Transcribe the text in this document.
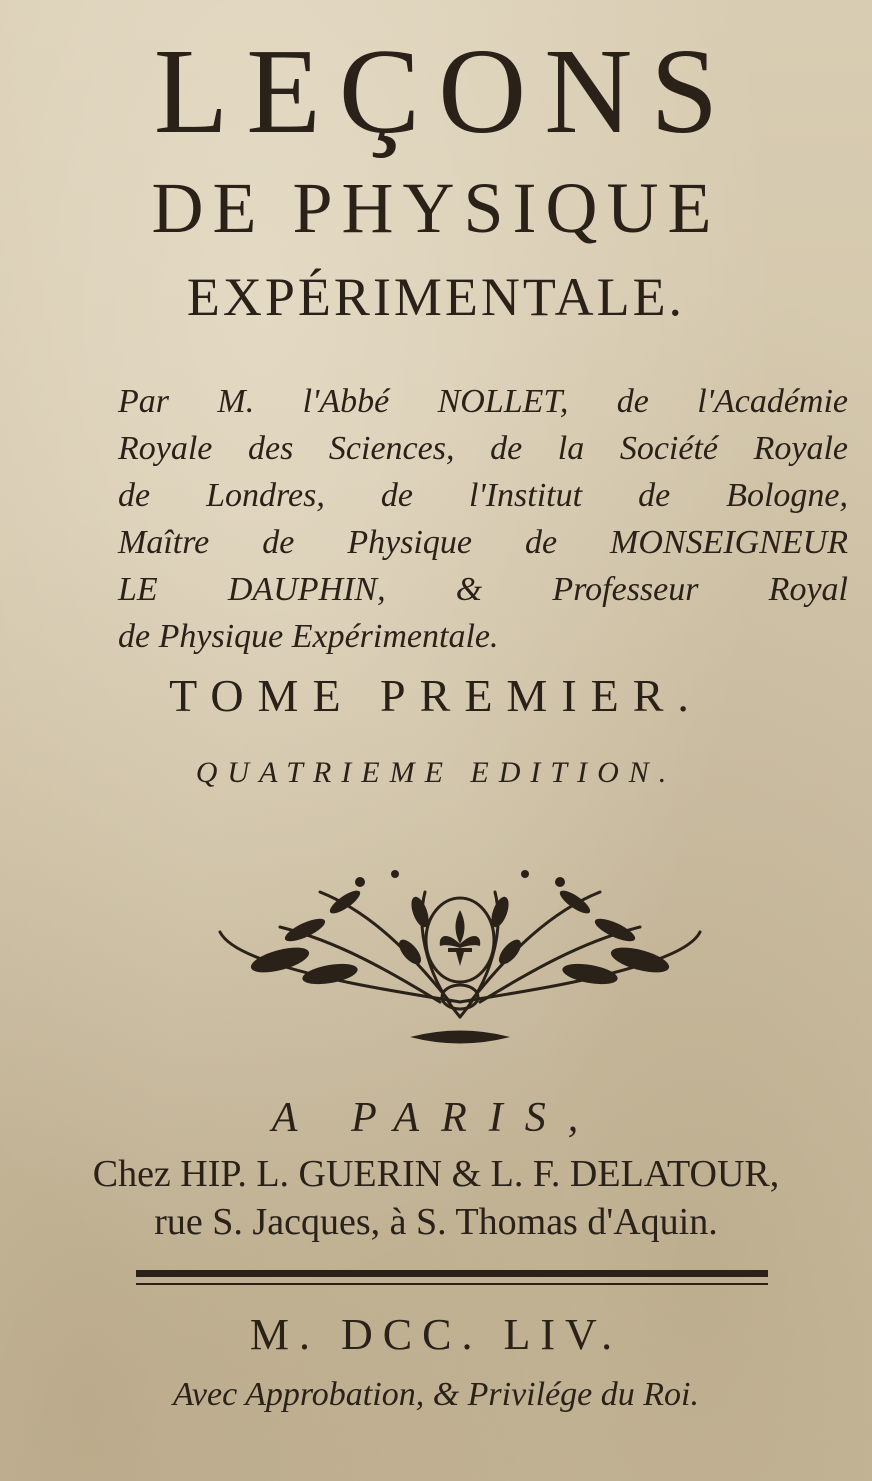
LEÇONS
DE PHYSIQUE
EXPÉRIMENTALE.
Par M. l'Abbé NOLLET, de l'Académie
Royale des Sciences, de la Société Royale
de Londres, de l'Institut de Bologne,
Maître de Physique de MONSEIGNEUR
LE DAUPHIN, & Professeur Royal
de Physique Expérimentale.
TOME PREMIER.
QUATRIEME EDITION.
A PARIS,
Chez HIP. L. GUERIN & L. F. DELATOUR,
rue S. Jacques, à S. Thomas d'Aquin.
M. DCC. LIV.
Avec Approbation, & Privilége du Roi.
